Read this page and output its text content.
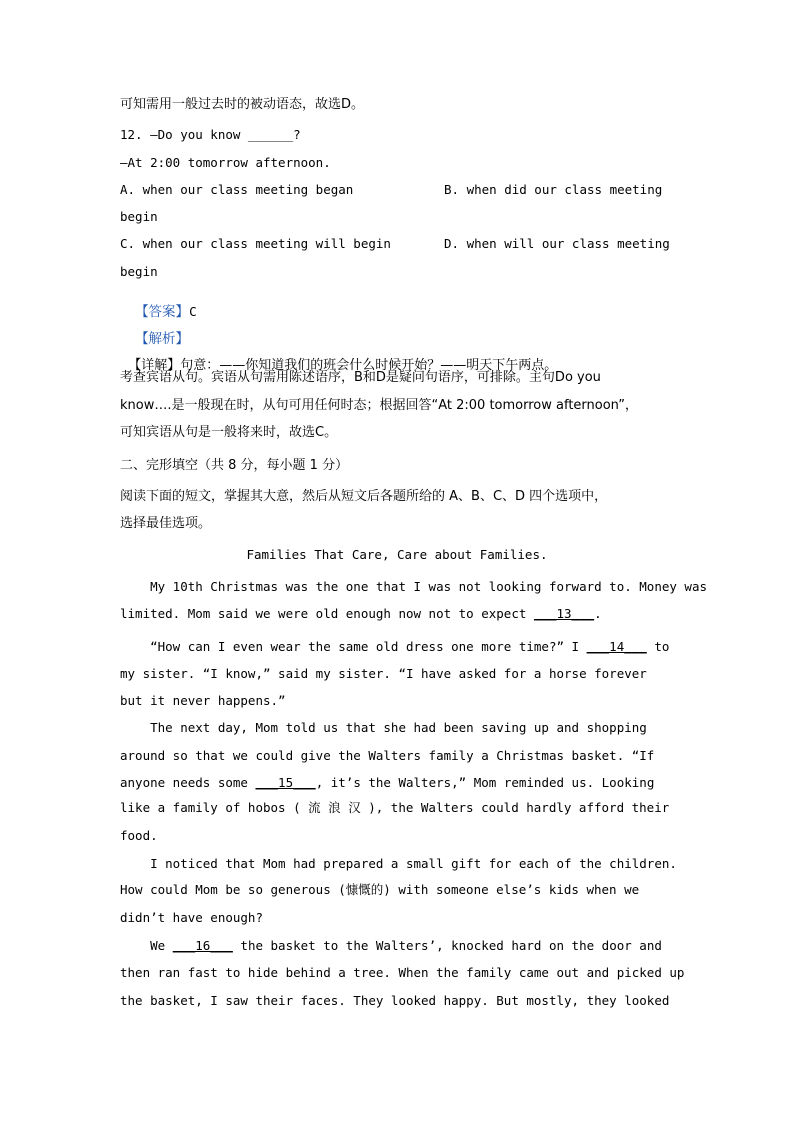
可知需用一般过去时的被动语态，故选D。
12. —Do you know ______?
—At 2:00 tomorrow afternoon.
A. when our class meeting began	B. when did our class meeting
begin
C. when our class meeting will begin	D. when will our class meeting
begin

【答案】C

【解析】

【详解】句意：——你知道我们的班会什么时候开始？——明天下午两点。

考查宾语从句。宾语从句需用陈述语序，B和D是疑问句语序，可排除。主句Do you
know….是一般现在时，从句可用任何时态；根据回答“At 2:00 tomorrow afternoon”，
可知宾语从句是一般将来时，故选C。
二、完形填空（共 8 分，每小题 1 分）
阅读下面的短文，掌握其大意，然后从短文后各题所给的 A、B、C、D 四个选项中，
选择最佳选项。
Families That Care, Care about Families.
My 10th Christmas was the one that I was not looking forward to. Money was
limited. Mom said we were old enough now not to expect ___13___.
“How can I even wear the same old dress one more time?” I ___14___ to
my sister. “I know,” said my sister. “I have asked for a horse forever
but it never happens.”
The next day, Mom told us that she had been saving up and shopping
around so that we could give the Walters family a Christmas basket. “If
anyone needs some ___15___, it’s the Walters,” Mom reminded us. Looking
like a family of hobos ( 流 浪 汉 ), the Walters could hardly afford their
food.
I noticed that Mom had prepared a small gift for each of the children.
How could Mom be so generous (慷慨的) with someone else’s kids when we
didn’t have enough?
We ___16___ the basket to the Walters’, knocked hard on the door and
then ran fast to hide behind a tree. When the family came out and picked up
the basket, I saw their faces. They looked happy. But mostly, they looked
